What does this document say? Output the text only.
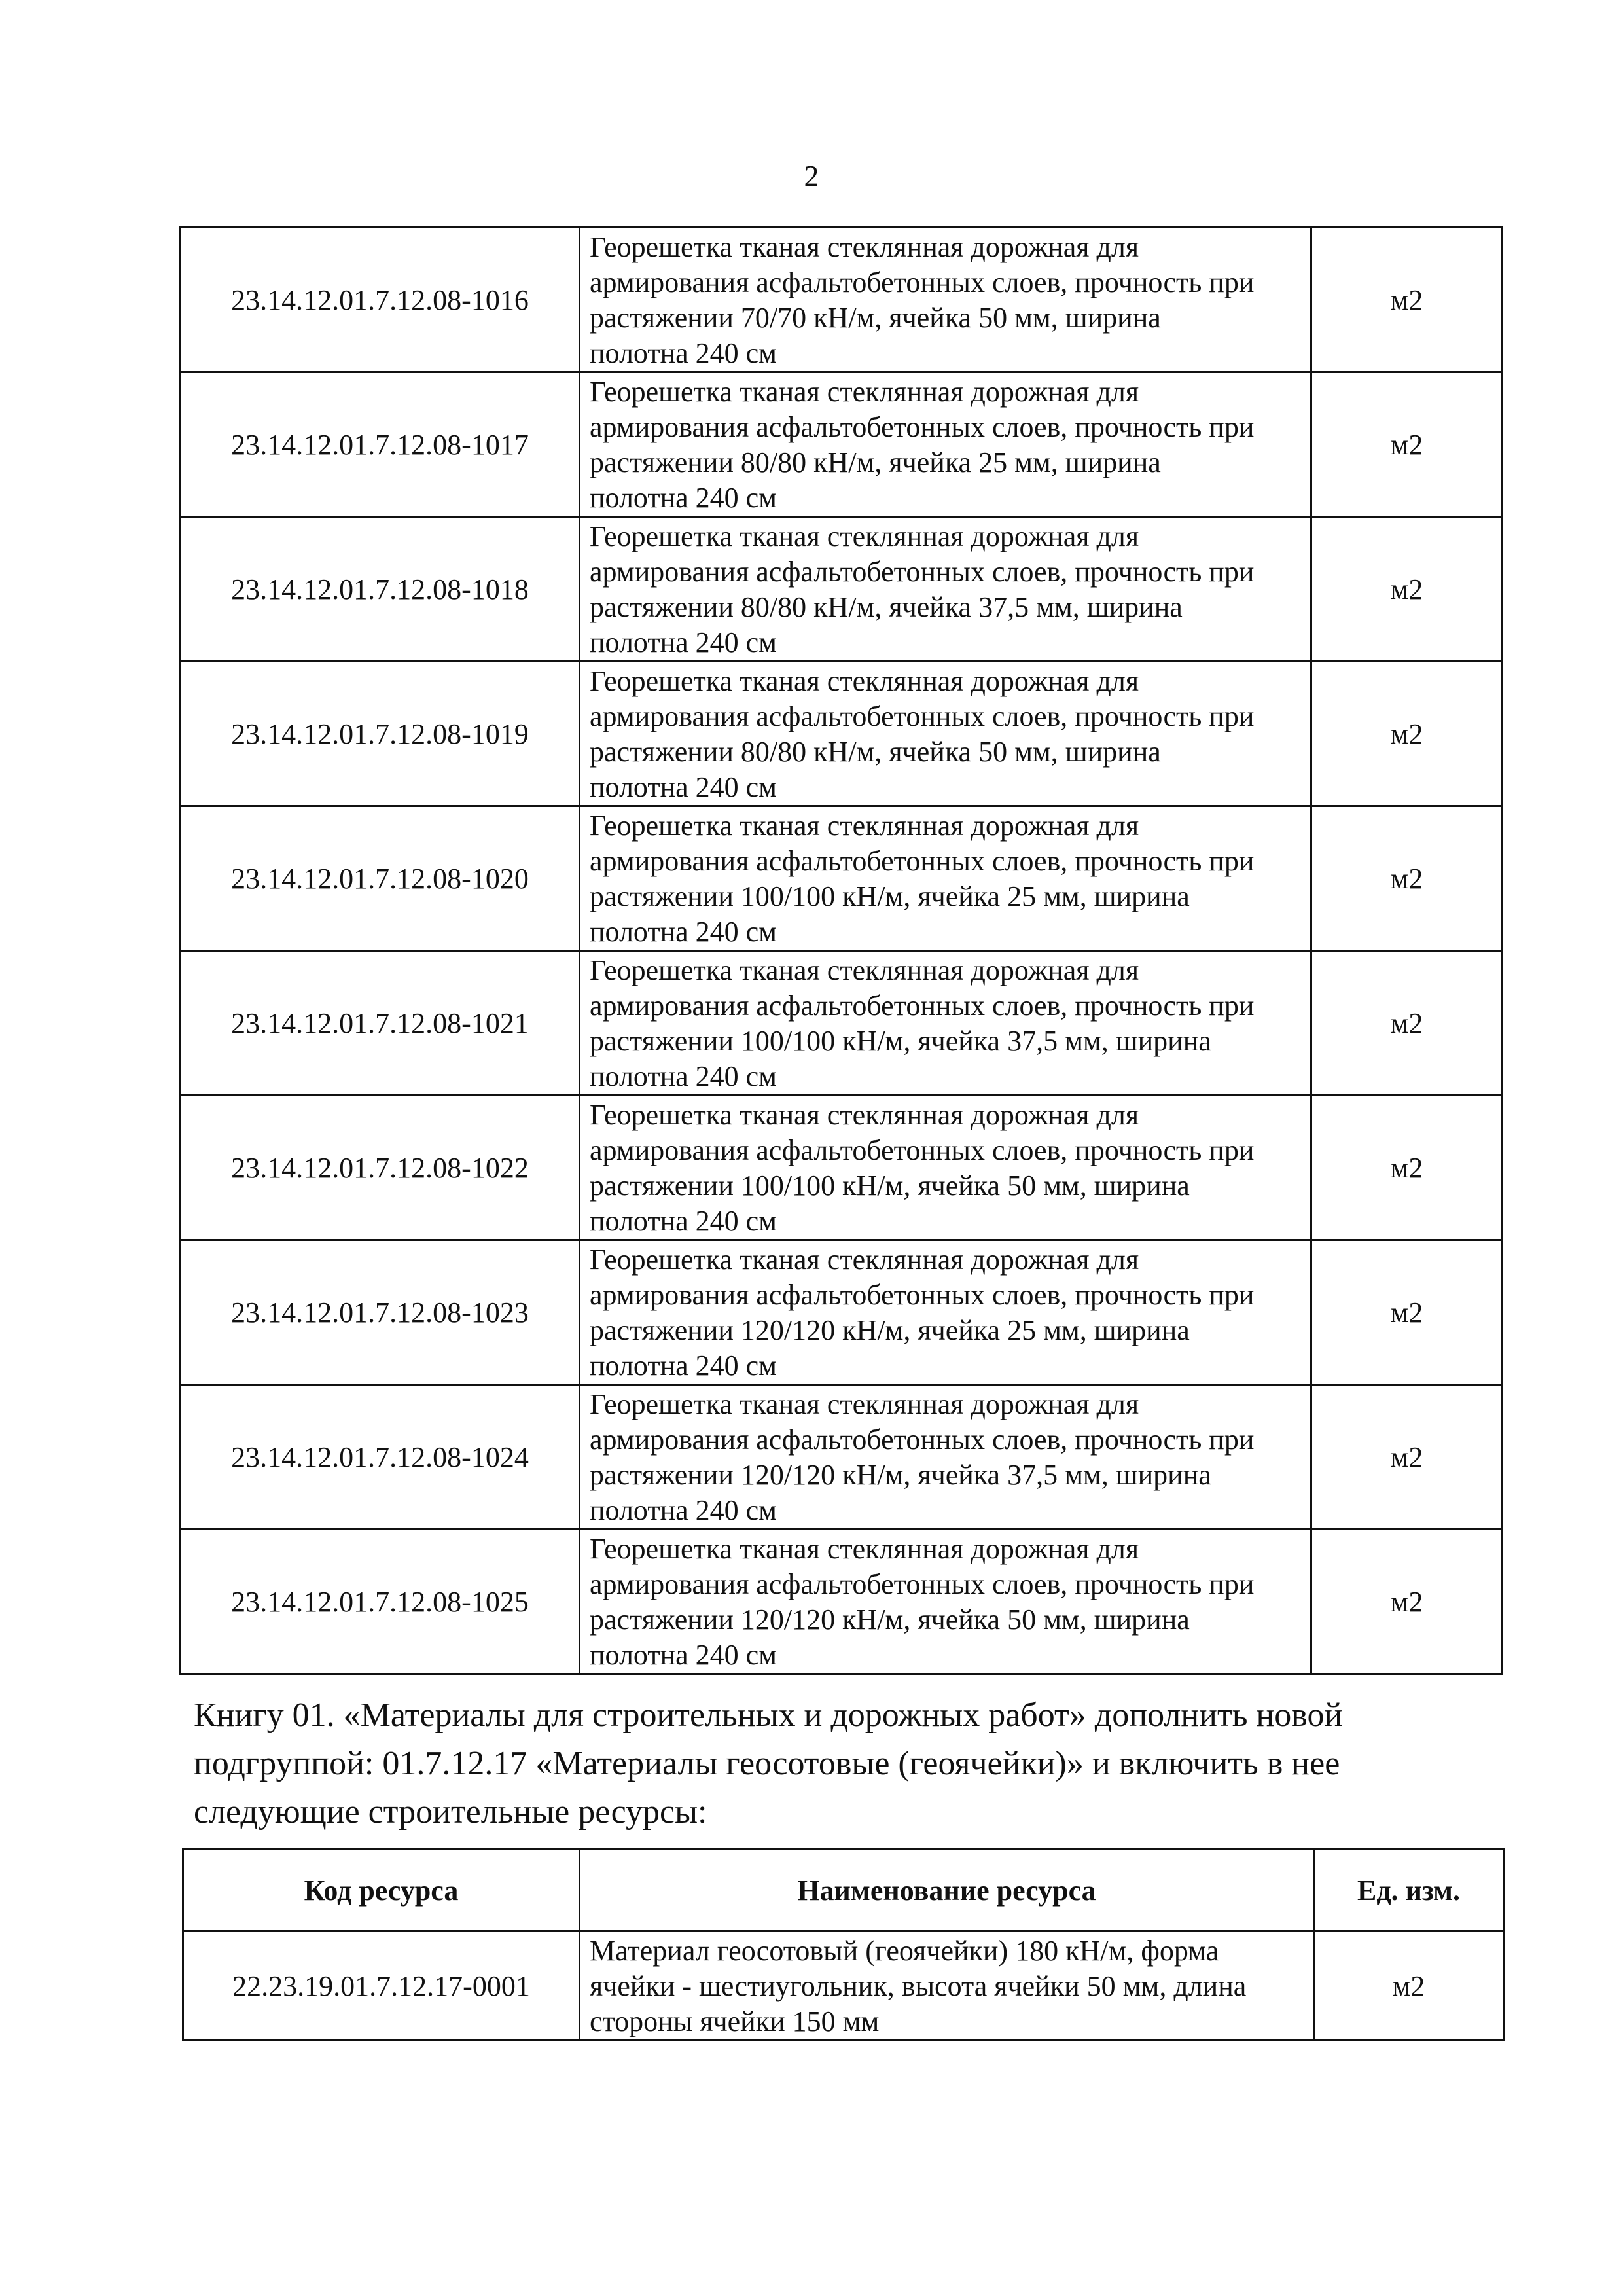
2
23.14.12.01.7.12.08-1016	Георешетка тканая стеклянная дорожная для
армирования асфальтобетонных слоев, прочность при
растяжении 70/70 кН/м, ячейка 50 мм, ширина
полотна 240 см	м2
23.14.12.01.7.12.08-1017	Георешетка тканая стеклянная дорожная для
армирования асфальтобетонных слоев, прочность при
растяжении 80/80 кН/м, ячейка 25 мм, ширина
полотна 240 см	м2
23.14.12.01.7.12.08-1018	Георешетка тканая стеклянная дорожная для
армирования асфальтобетонных слоев, прочность при
растяжении 80/80 кН/м, ячейка 37,5 мм, ширина
полотна 240 см	м2
23.14.12.01.7.12.08-1019	Георешетка тканая стеклянная дорожная для
армирования асфальтобетонных слоев, прочность при
растяжении 80/80 кН/м, ячейка 50 мм, ширина
полотна 240 см	м2
23.14.12.01.7.12.08-1020	Георешетка тканая стеклянная дорожная для
армирования асфальтобетонных слоев, прочность при
растяжении 100/100 кН/м, ячейка 25 мм, ширина
полотна 240 см	м2
23.14.12.01.7.12.08-1021	Георешетка тканая стеклянная дорожная для
армирования асфальтобетонных слоев, прочность при
растяжении 100/100 кН/м, ячейка 37,5 мм, ширина
полотна 240 см	м2
23.14.12.01.7.12.08-1022	Георешетка тканая стеклянная дорожная для
армирования асфальтобетонных слоев, прочность при
растяжении 100/100 кН/м, ячейка 50 мм, ширина
полотна 240 см	м2
23.14.12.01.7.12.08-1023	Георешетка тканая стеклянная дорожная для
армирования асфальтобетонных слоев, прочность при
растяжении 120/120 кН/м, ячейка 25 мм, ширина
полотна 240 см	м2
23.14.12.01.7.12.08-1024	Георешетка тканая стеклянная дорожная для
армирования асфальтобетонных слоев, прочность при
растяжении 120/120 кН/м, ячейка 37,5 мм, ширина
полотна 240 см	м2
23.14.12.01.7.12.08-1025	Георешетка тканая стеклянная дорожная для
армирования асфальтобетонных слоев, прочность при
растяжении 120/120 кН/м, ячейка 50 мм, ширина
полотна 240 см	м2
Книгу 01. «Материалы для строительных и дорожных работ» дополнить новой
подгруппой: 01.7.12.17 «Материалы геосотовые (геоячейки)» и включить в нее
следующие строительные ресурсы:
Код ресурса	Наименование ресурса	Ед. изм.
22.23.19.01.7.12.17-0001	Материал геосотовый (геоячейки) 180 кН/м, форма
ячейки - шестиугольник, высота ячейки 50 мм, длина
стороны ячейки 150 мм	м2
